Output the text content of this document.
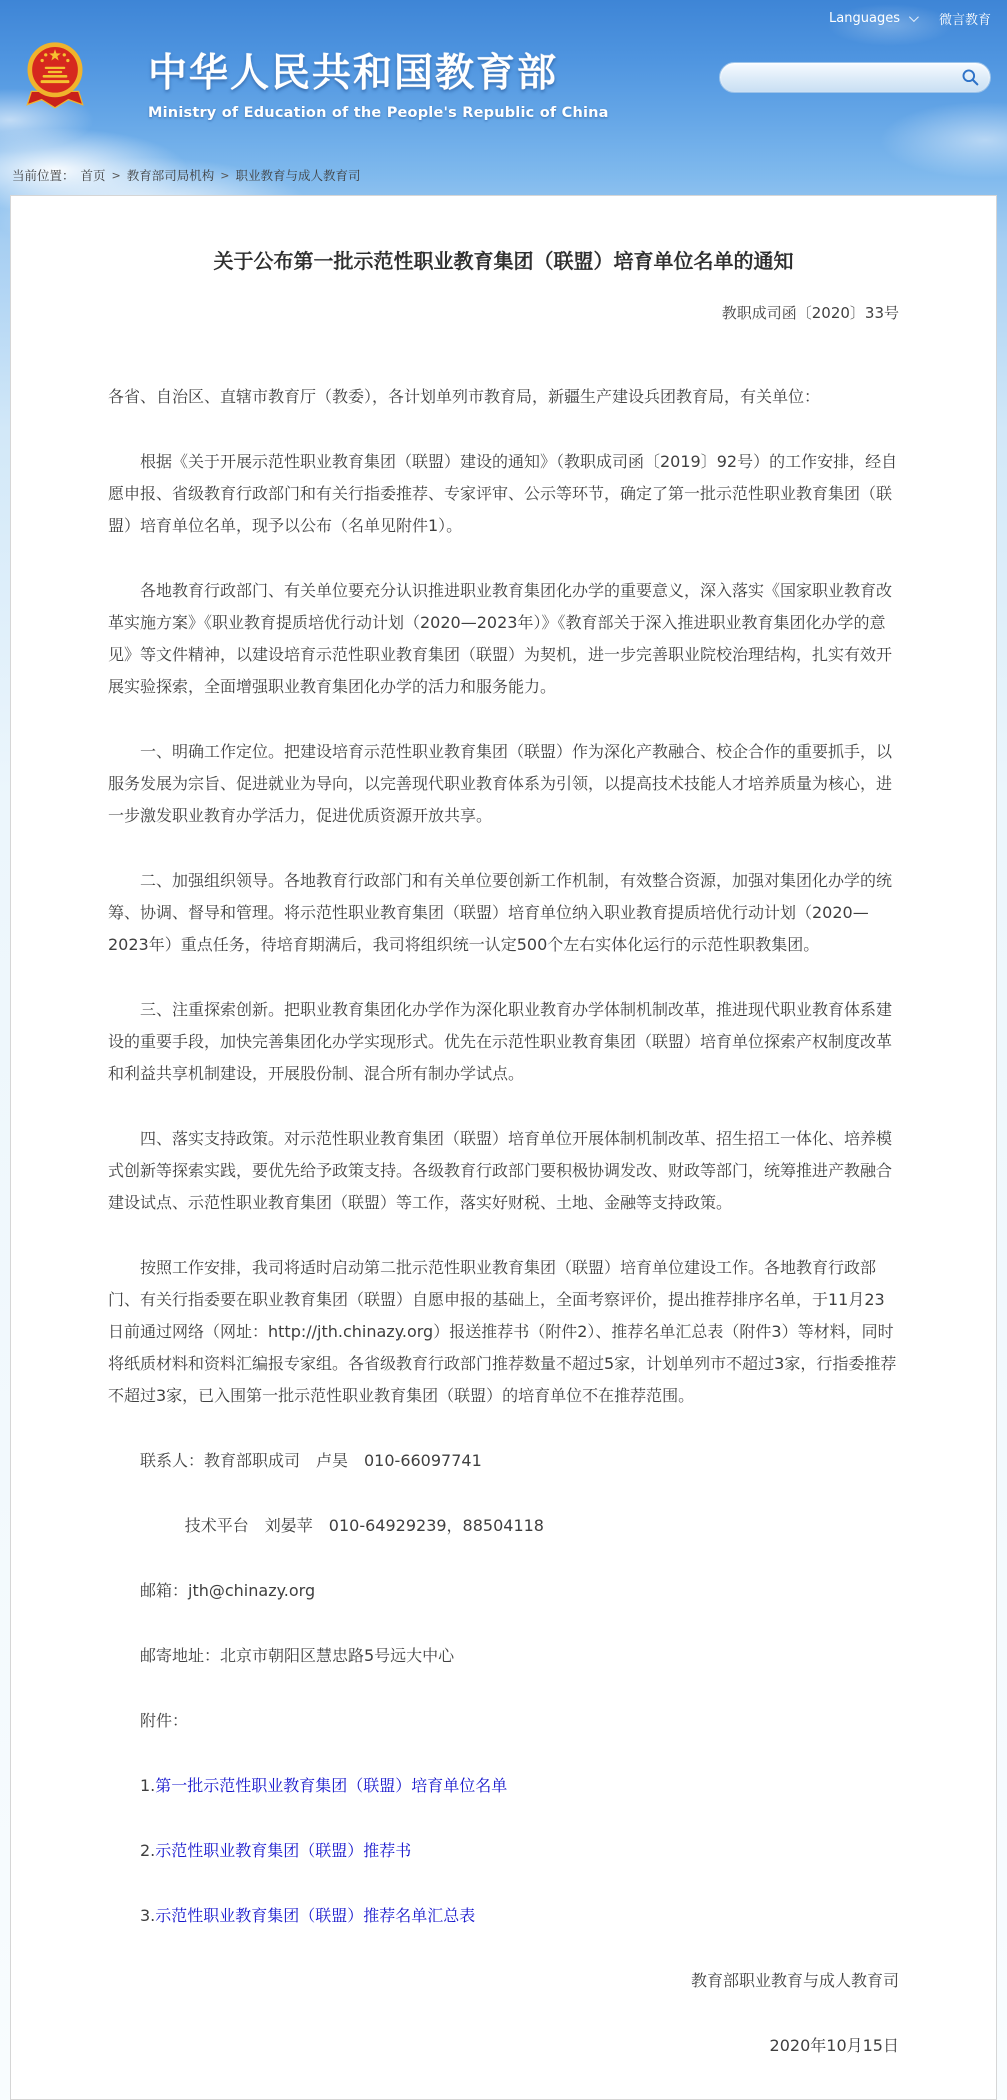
Languages	微言教育
中华人民共和国教育部
Ministry of Education of the People's Republic of China
当前位置： 首页 > 教育部司局机构 > 职业教育与成人教育司
关于公布第一批示范性职业教育集团（联盟）培育单位名单的通知
教职成司函〔2020〕33号

各省、自治区、直辖市教育厅（教委），各计划单列市教育局，新疆生产建设兵团教育局，有关单位：

根据《关于开展示范性职业教育集团（联盟）建设的通知》（教职成司函〔2019〕92号）的工作安排，经自愿申报、省级教育行政部门和有关行指委推荐、专家评审、公示等环节，确定了第一批示范性职业教育集团（联盟）培育单位名单，现予以公布（名单见附件1）。

各地教育行政部门、有关单位要充分认识推进职业教育集团化办学的重要意义，深入落实《国家职业教育改革实施方案》《职业教育提质培优行动计划（2020—2023年）》《教育部关于深入推进职业教育集团化办学的意见》等文件精神，以建设培育示范性职业教育集团（联盟）为契机，进一步完善职业院校治理结构，扎实有效开展实验探索，全面增强职业教育集团化办学的活力和服务能力。

一、明确工作定位。把建设培育示范性职业教育集团（联盟）作为深化产教融合、校企合作的重要抓手，以服务发展为宗旨、促进就业为导向，以完善现代职业教育体系为引领，以提高技术技能人才培养质量为核心，进一步激发职业教育办学活力，促进优质资源开放共享。

二、加强组织领导。各地教育行政部门和有关单位要创新工作机制，有效整合资源，加强对集团化办学的统筹、协调、督导和管理。将示范性职业教育集团（联盟）培育单位纳入职业教育提质培优行动计划（2020—2023年）重点任务，待培育期满后，我司将组织统一认定500个左右实体化运行的示范性职教集团。

三、注重探索创新。把职业教育集团化办学作为深化职业教育办学体制机制改革，推进现代职业教育体系建设的重要手段，加快完善集团化办学实现形式。优先在示范性职业教育集团（联盟）培育单位探索产权制度改革和利益共享机制建设，开展股份制、混合所有制办学试点。

四、落实支持政策。对示范性职业教育集团（联盟）培育单位开展体制机制改革、招生招工一体化、培养模式创新等探索实践，要优先给予政策支持。各级教育行政部门要积极协调发改、财政等部门，统筹推进产教融合建设试点、示范性职业教育集团（联盟）等工作，落实好财税、土地、金融等支持政策。

按照工作安排，我司将适时启动第二批示范性职业教育集团（联盟）培育单位建设工作。各地教育行政部门、有关行指委要在职业教育集团（联盟）自愿申报的基础上，全面考察评价，提出推荐排序名单，于11月23日前通过网络（网址：http://jth.chinazy.org）报送推荐书（附件2）、推荐名单汇总表（附件3）等材料，同时将纸质材料和资料汇编报专家组。各省级教育行政部门推荐数量不超过5家，计划单列市不超过3家，行指委推荐不超过3家，已入围第一批示范性职业教育集团（联盟）的培育单位不在推荐范围。

联系人：教育部职成司　卢昊　010-66097741

技术平台　刘晏苹　010-64929239，88504118

邮箱：jth@chinazy.org

邮寄地址：北京市朝阳区慧忠路5号远大中心

附件：

1.第一批示范性职业教育集团（联盟）培育单位名单

2.示范性职业教育集团（联盟）推荐书

3.示范性职业教育集团（联盟）推荐名单汇总表

教育部职业教育与成人教育司

2020年10月15日
